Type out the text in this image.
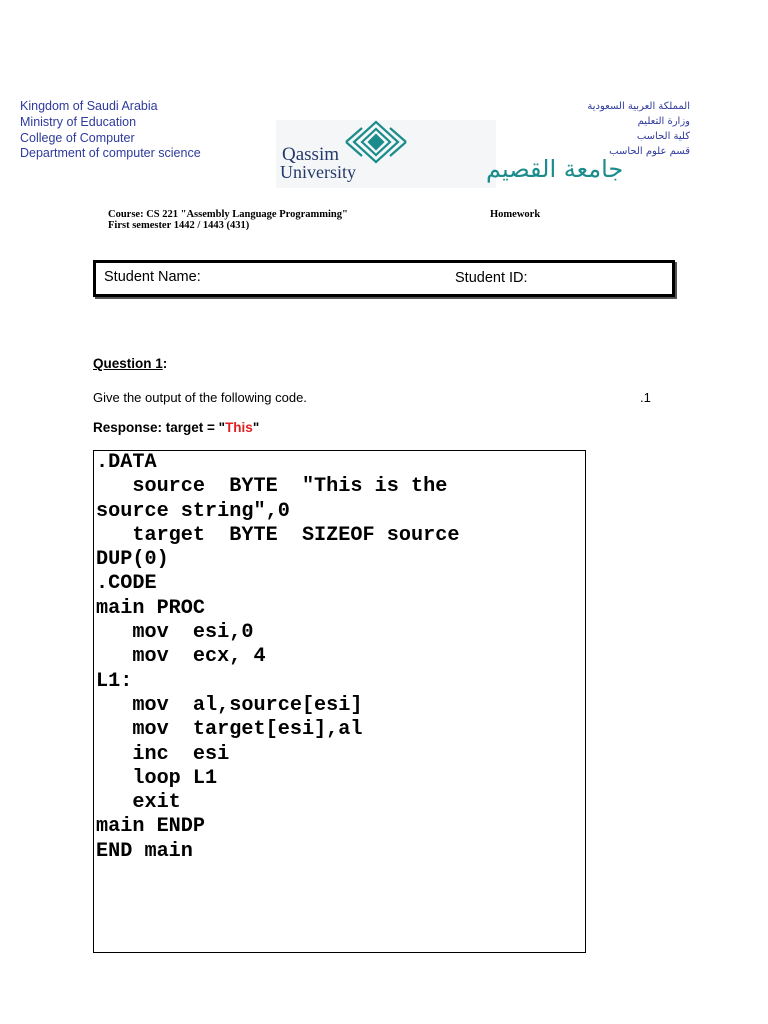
Kingdom of Saudi Arabia
Ministry of Education
College of Computer
Department of computer science
المملكة العربية السعودية
وزارة التعليم
كلية الحاسب
قسم علوم الحاسب
Qassim
University	جامعة القصيم
Course: CS 221 "Assembly Language Programming"
First semester 1442 / 1443 (431)
Homework
Student Name:	Student ID:
Question 1:
Give the output of the following code.	.1
Response: target = "This"
.DATA
source  BYTE  "This is the
source string",0
target  BYTE  SIZEOF source
DUP(0)
.CODE
main PROC
mov  esi,0
mov  ecx, 4
L1:
mov  al,source[esi]
mov  target[esi],al
inc  esi
loop L1
exit
main ENDP
END main
